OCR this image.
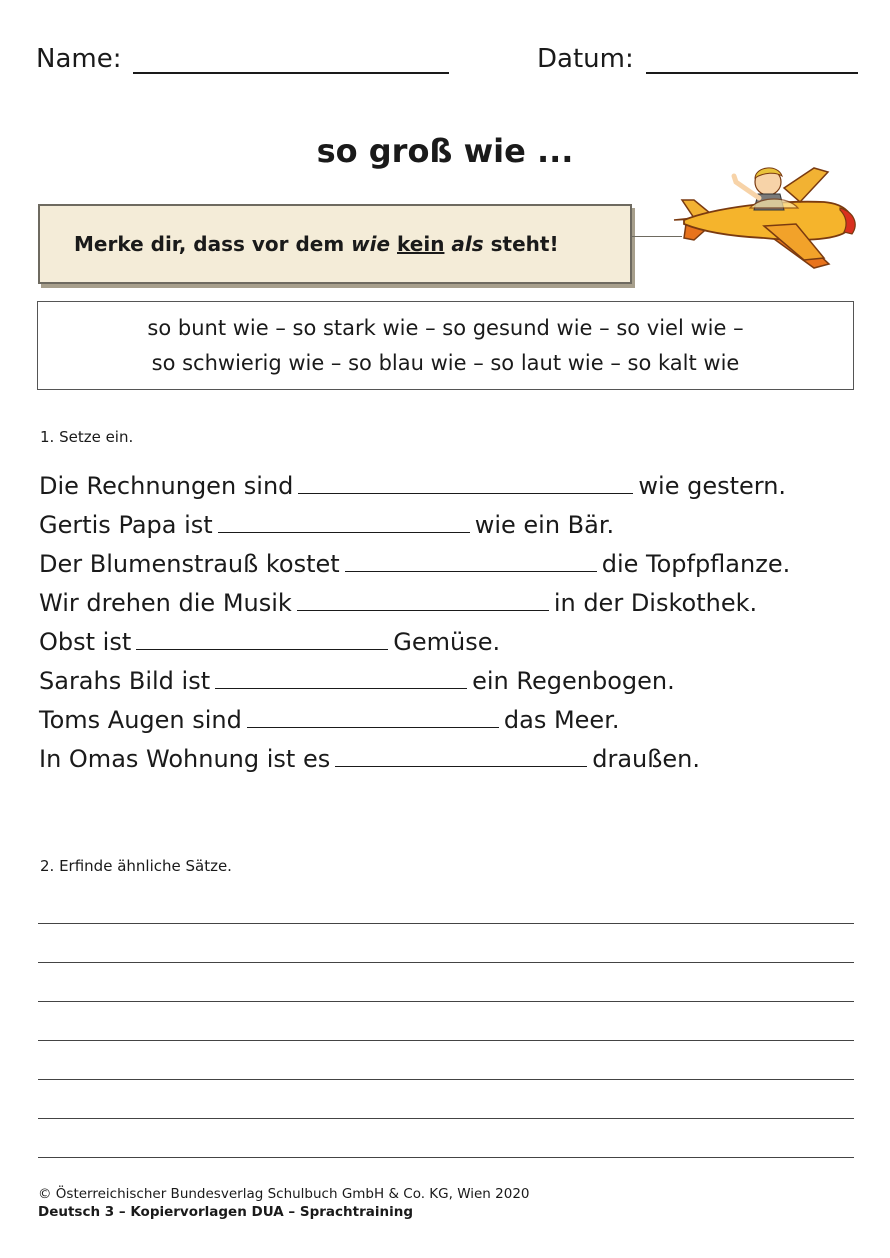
Name:	Datum:
so groß wie ...
Merke dir, dass vor dem wie kein als steht!
so bunt wie – so stark wie – so gesund wie – so viel wie –
so schwierig wie – so blau wie – so laut wie – so kalt wie
1. Setze ein.
Die Rechnungen sind	wie gestern.
Gertis Papa ist	wie ein Bär.
Der Blumenstrauß kostet	die Topfpflanze.
Wir drehen die Musik	in der Diskothek.
Obst ist	Gemüse.
Sarahs Bild ist	ein Regenbogen.
Toms Augen sind	das Meer.
In Omas Wohnung ist es	draußen.
2. Erfinde ähnliche Sätze.
© Österreichischer Bundesverlag Schulbuch GmbH & Co. KG, Wien 2020
Deutsch 3 – Kopiervorlagen DUA – Sprachtraining
